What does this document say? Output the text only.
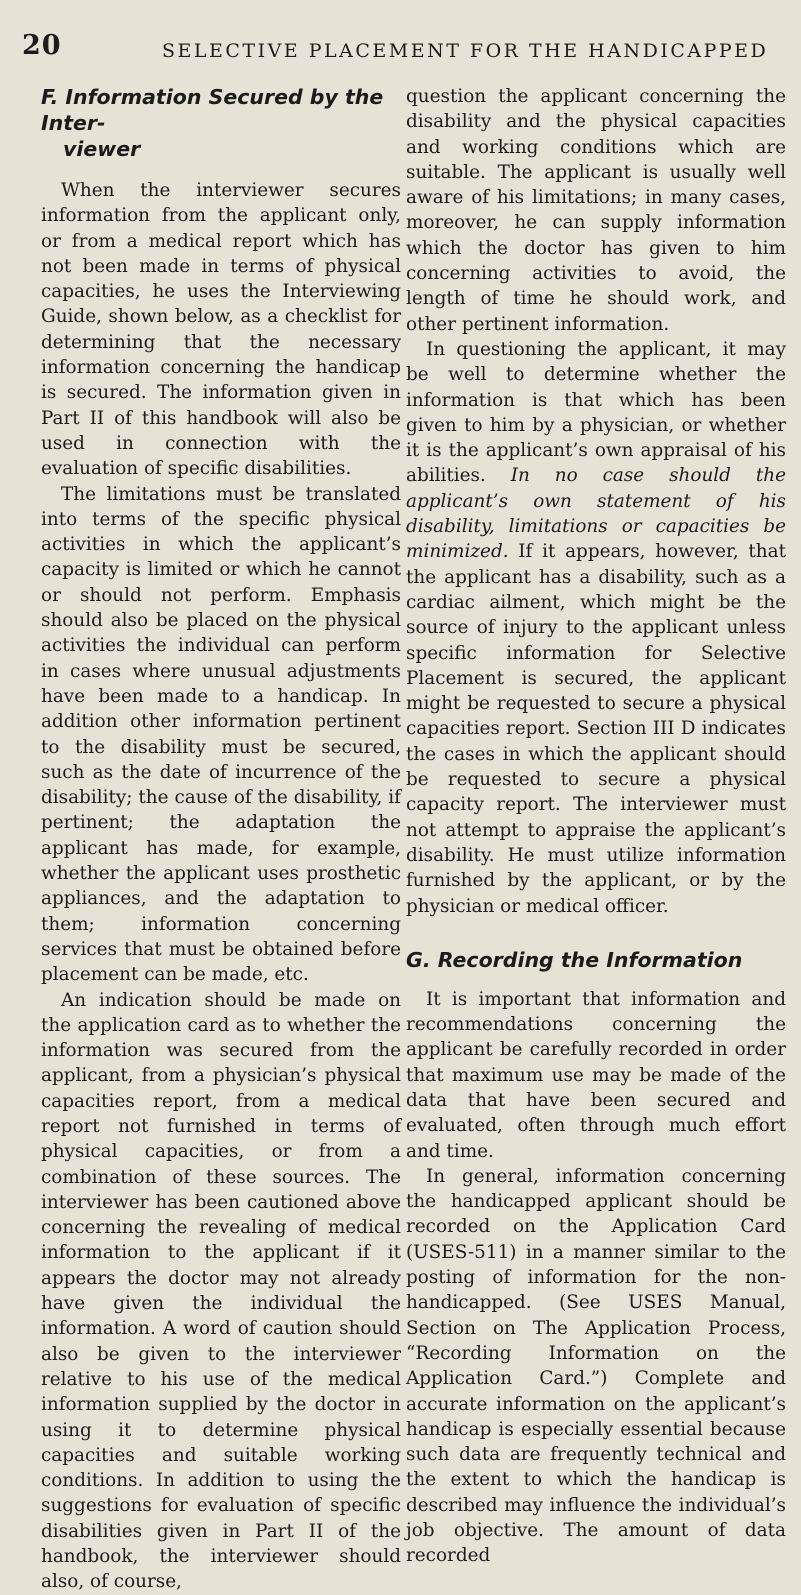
20	SELECTIVE PLACEMENT FOR THE HANDICAPPED
F. Information Secured by the Inter-
viewer

When the interviewer secures information from the applicant only, or from a medical report which has not been made in terms of physical capacities, he uses the Interviewing Guide, shown below, as a checklist for determining that the necessary information concerning the handicap is secured. The information given in Part II of this handbook will also be used in connection with the evaluation of specific disabilities.

The limitations must be translated into terms of the specific physical activities in which the applicant’s capacity is limited or which he cannot or should not perform. Emphasis should also be placed on the physical activities the individual can perform in cases where unusual adjustments have been made to a handicap. In addition other information pertinent to the disability must be secured, such as the date of incurrence of the disability; the cause of the disability, if pertinent; the adaptation the applicant has made, for example, whether the applicant uses prosthetic appliances, and the adaptation to them; information concerning services that must be obtained before placement can be made, etc.

An indication should be made on the application card as to whether the information was secured from the applicant, from a physician’s physical capacities report, from a medical report not furnished in terms of physical capacities, or from a combination of these sources. The interviewer has been cautioned above concerning the revealing of medical information to the applicant if it appears the doctor may not already have given the individual the information. A word of caution should also be given to the interviewer relative to his use of the medical information supplied by the doctor in using it to determine physical capacities and suitable working conditions. In addition to using the suggestions for evaluation of specific disabilities given in Part II of the handbook, the interviewer should also, of course,

question the applicant concerning the disability and the physical capacities and working conditions which are suitable. The applicant is usually well aware of his limitations; in many cases, moreover, he can supply information which the doctor has given to him concerning activities to avoid, the length of time he should work, and other pertinent information.

In questioning the applicant, it may be well to determine whether the information is that which has been given to him by a physician, or whether it is the applicant’s own appraisal of his abilities. In no case should the applicant’s own statement of his disability, limitations or capacities be minimized. If it appears, however, that the applicant has a disability, such as a cardiac ailment, which might be the source of injury to the applicant unless specific information for Selective Placement is secured, the applicant might be requested to secure a physical capacities report. Section III D indicates the cases in which the applicant should be requested to secure a physical capacity report. The interviewer must not attempt to appraise the applicant’s disability. He must utilize information furnished by the applicant, or by the physician or medical officer.

G. Recording the Information

It is important that information and recommendations concerning the applicant be carefully recorded in order that maximum use may be made of the data that have been secured and evaluated, often through much effort and time.

In general, information concerning the handicapped applicant should be recorded on the Application Card (USES-511) in a manner similar to the posting of information for the non-handicapped. (See USES Manual, Section on The Application Process, “Recording Information on the Application Card.”) Complete and accurate information on the applicant’s handicap is especially essential because such data are frequently technical and the extent to which the handicap is described may influence the individual’s job objective. The amount of data recorded
